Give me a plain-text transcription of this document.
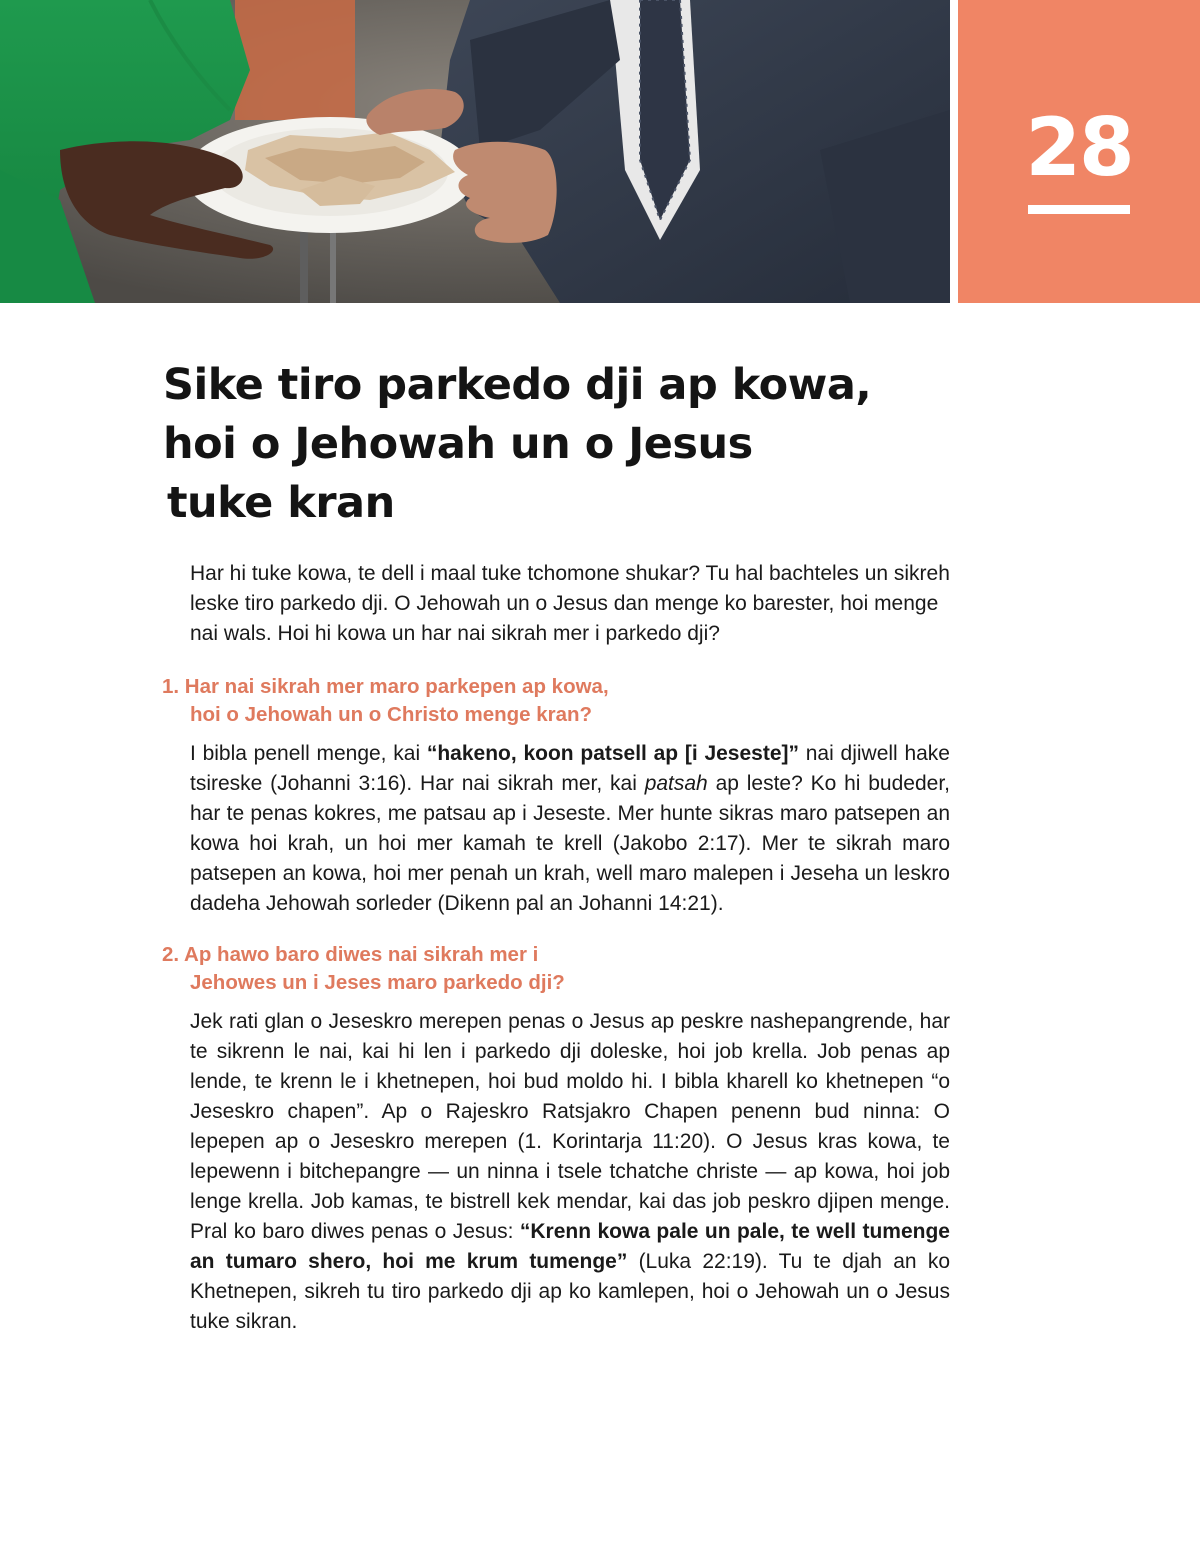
28
Sike tiro parkedo dji ap kowa,
hoi o Jehowah un o Jesus
tuke kran

Har hi tuke kowa, te dell i maal tuke tchomone shukar? Tu hal bachteles un sikreh leske tiro parkedo dji. O Jehowah un o Jesus dan menge ko barester, hoi menge nai wals. Hoi hi kowa un har nai sikrah mer i parkedo dji?

1. Har nai sikrah mer maro parkepen ap kowa,
hoi o Jehowah un o Christo menge kran?

I bibla penell menge, kai “hakeno, koon patsell ap [i Jeseste]” nai djiwell hake tsireske (Johanni 3:16). Har nai sikrah mer, kai patsah ap leste? Ko hi budeder, har te penas kokres, me patsau ap i Jeseste. Mer hunte sikras maro patsepen an kowa hoi krah, un hoi mer kamah te krell (Jakobo 2:17). Mer te sikrah maro patsepen an kowa, hoi mer penah un krah, well maro malepen i Jeseha un leskro dadeha Jehowah sorleder (Dikenn pal an Johanni 14:21).

2. Ap hawo baro diwes nai sikrah mer i
Jehowes un i Jeses maro parkedo dji?

Jek rati glan o Jeseskro merepen penas o Jesus ap peskre nashepangrende, har te sikrenn le nai, kai hi len i parkedo dji doleske, hoi job krella. Job penas ap lende, te krenn le i khetnepen, hoi bud moldo hi. I bibla kharell ko khetnepen “o Jeseskro chapen”. Ap o Rajeskro Ratsjakro Chapen penenn bud ninna: O lepepen ap o Jeseskro merepen (1. Korintarja 11:20). O Jesus kras kowa, te lepewenn i bitchepangre — un ninna i tsele tchatche christe — ap kowa, hoi job lenge krella. Job kamas, te bistrell kek mendar, kai das job peskro djipen menge. Pral ko baro diwes penas o Jesus: “Krenn kowa pale un pale, te well tumenge an tumaro shero, hoi me krum tumenge” (Luka 22:19). Tu te djah an ko Khetnepen, sikreh tu tiro parkedo dji ap ko kamlepen, hoi o Jehowah un o Jesus tuke sikran.
